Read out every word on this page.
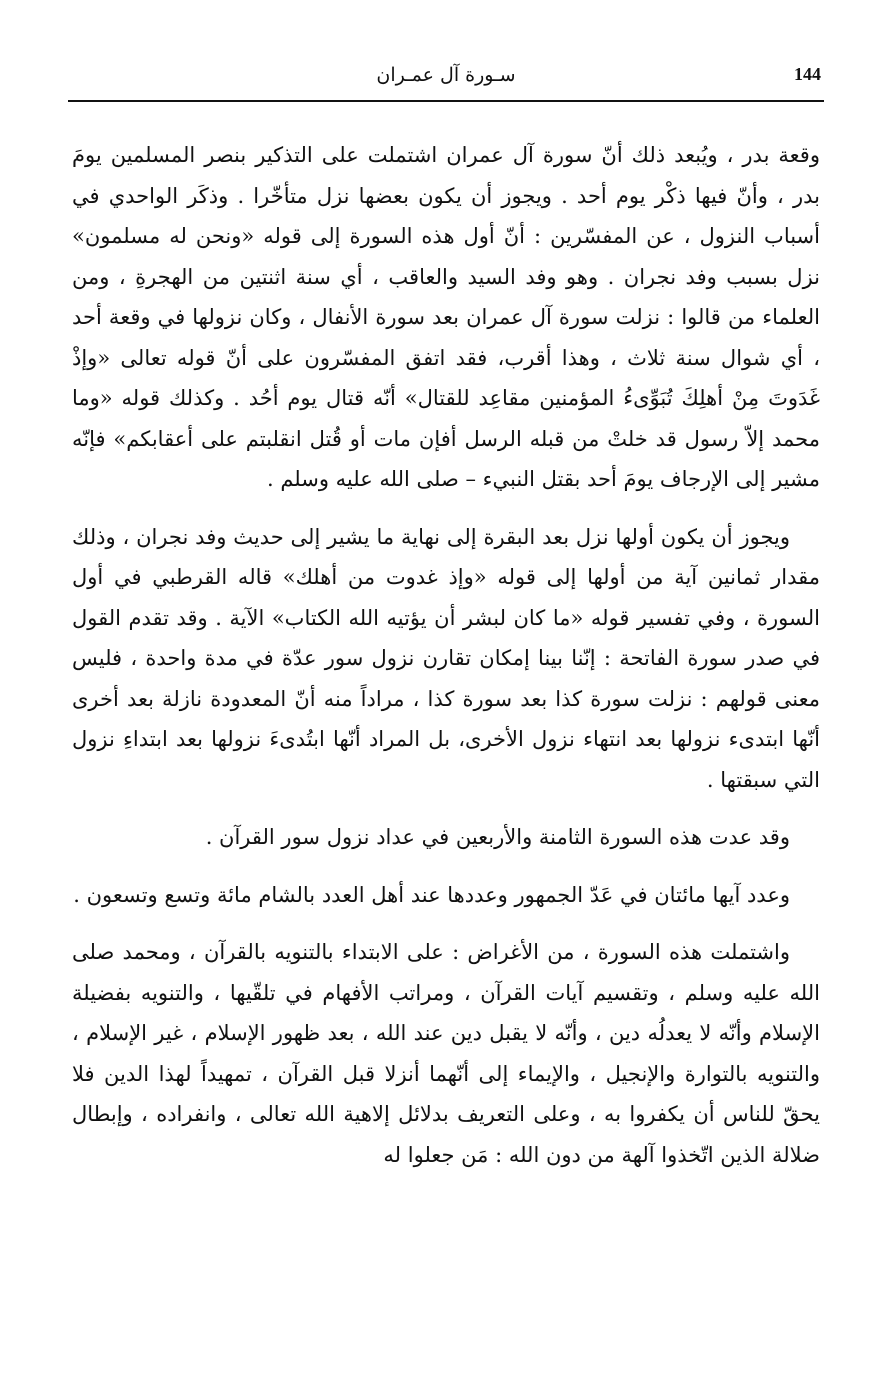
144
سـورة آل عمـران

وقعة بدر ، ويُبعد ذلك أنّ سورة آل عمران اشتملت على التذكير بنصر المسلمين يومَ بدر ، وأنّ فيها ذكْر يوم أحد . ويجوز أن يكون بعضها نزل متأخّرا . وذكَر الواحدي في أسباب النزول ، عن المفسّرين : أنّ أول هذه السورة إلى قوله «ونحن له مسلمون» نزل بسبب وفد نجران . وهو وفد السيد والعاقب ، أي سنة اثنتين من الهجرةِ ، ومن العلماء من قالوا : نزلت سورة آل عمران بعد سورة الأنفال ، وكان نزولها في وقعة أحد ، أي شوال سنة ثلاث ، وهذا أقرب، فقد اتفق المفسّرون على أنّ قوله تعالى «وإذْ غَدَوتَ مِنْ أهلِكَ تُبَوِّىءُ المؤمنين مقاعِد للقتال» أنّه قتال يوم أحُد . وكذلك قوله «وما محمد إلاّ رسول قد خلتْ من قبله الرسل أفإن مات أو قُتل انقلبتم على أعقابكم» فإنّه مشير إلى الإرجاف يومَ أحد بقتل النبيء – صلى الله عليه وسلم .

ويجوز أن يكون أولها نزل بعد البقرة إلى نهاية ما يشير إلى حديث وفد نجران ، وذلك مقدار ثمانين آية من أولها إلى قوله «وإذ غدوت من أهلك» قاله القرطبي في أول السورة ، وفي تفسير قوله «ما كان لبشر أن يؤتيه الله الكتاب» الآية . وقد تقدم القول في صدر سورة الفاتحة : إنّنا بينا إمكان تقارن نزول سور عدّة في مدة واحدة ، فليس معنى قولهم : نزلت سورة كذا بعد سورة كذا ، مراداً منه أنّ المعدودة نازلة بعد أخرى أنّها ابتدىء نزولها بعد انتهاء نزول الأخرى، بل المراد أنّها ابتُدىءَ نزولها بعد ابتداءِ نزول التي سبقتها .

وقد عدت هذه السورة الثامنة والأربعين في عداد نزول سور القرآن .

وعدد آيها مائتان في عَدّ الجمهور وعددها عند أهل العدد بالشام مائة وتسع وتسعون .

واشتملت هذه السورة ، من الأغراض : على الابتداء بالتنويه بالقرآن ، ومحمد صلى الله عليه وسلم ، وتقسيم آيات القرآن ، ومراتب الأفهام في تلقّيها ، والتنويه بفضيلة الإسلام وأنّه لا يعدلُه دين ، وأنّه لا يقبل دين عند الله ، بعد ظهور الإسلام ، غير الإسلام ، والتنويه بالتوارة والإنجيل ، والإيماء إلى أنّهما أنزلا قبل القرآن ، تمهيداً لهذا الدين فلا يحقّ للناس أن يكفروا به ، وعلى التعريف بدلائل إلاهية الله تعالى ، وانفراده ، وإبطال ضلالة الذين اتّخذوا آلهة من دون الله : مَن جعلوا له
